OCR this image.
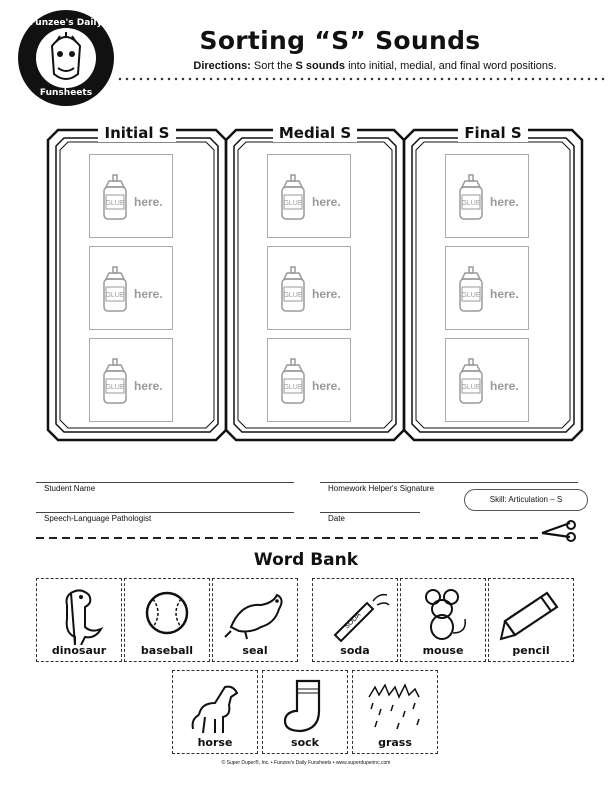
Funzee's Daily
Funsheets
Sorting “S” Sounds
Directions: Sort the S sounds into initial, medial, and final word positions.
Initial S
GLUE here.
GLUE here.
GLUE here.
Medial S
GLUE here.
GLUE here.
GLUE here.
Final S
GLUE here.
GLUE here.
GLUE here.
Student Name	Homework Helper's Signature
Speech-Language Pathologist	Date
Skill: Articulation – S
Word Bank
dinosaur	baseball	seal
SODA
soda	mouse	pencil
horse	sock	grass
© Super Duper®, Inc. • Funzee's Daily Funsheets • www.superduperinc.com
